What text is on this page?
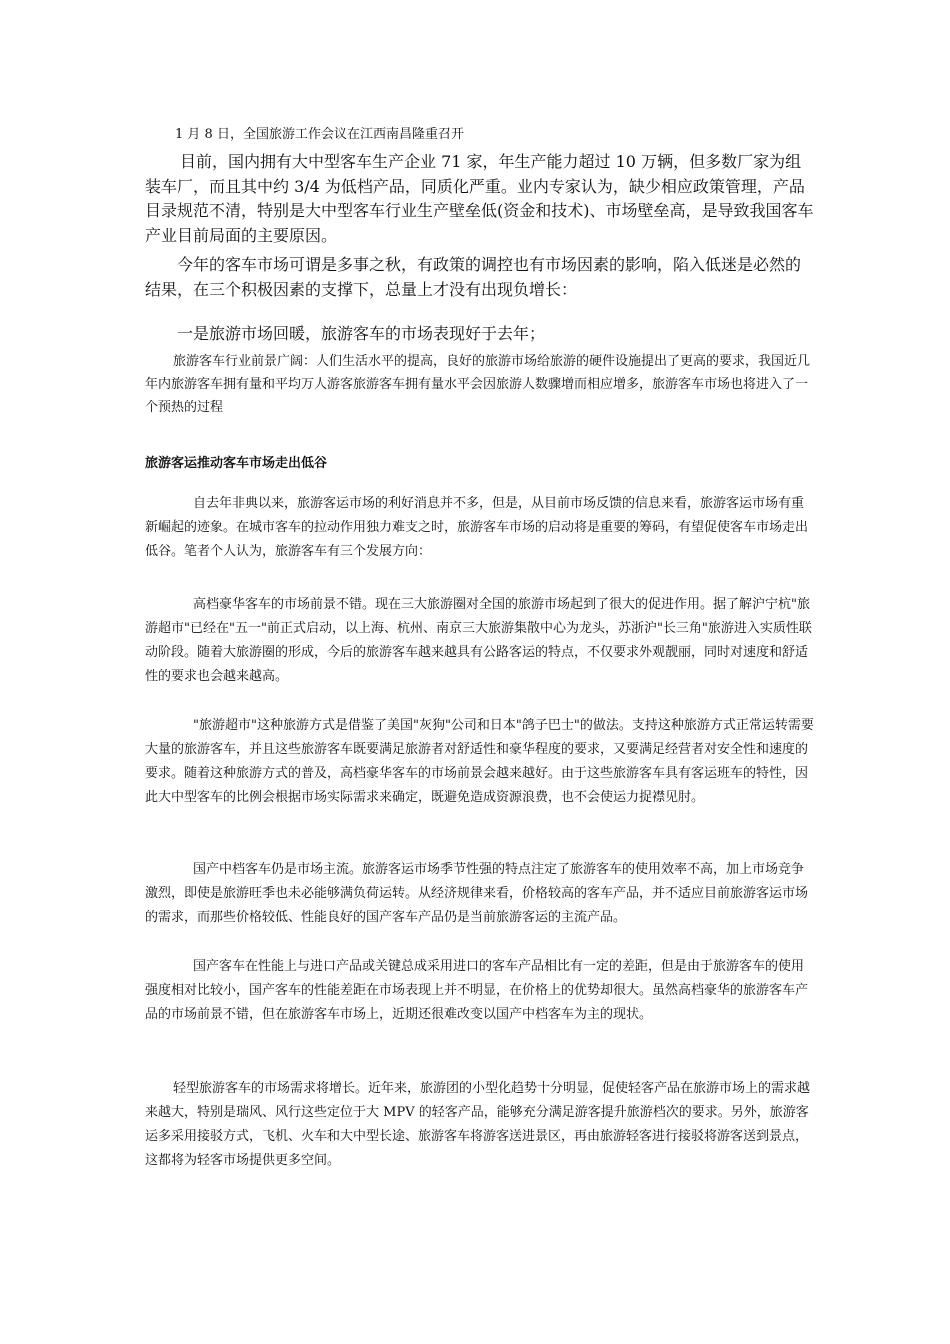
1 月 8 日，全国旅游工作会议在江西南昌隆重召开

目前，国内拥有大中型客车生产企业 71 家，年生产能力超过 10 万辆，但多数厂家为组装车厂，而且其中约 3/4 为低档产品，同质化严重。业内专家认为，缺少相应政策管理，产品目录规范不清，特别是大中型客车行业生产壁垒低(资金和技术)、市场壁垒高，是导致我国客车产业目前局面的主要原因。

今年的客车市场可谓是多事之秋，有政策的调控也有市场因素的影响，陷入低迷是必然的结果，在三个积极因素的支撑下，总量上才没有出现负增长：

一是旅游市场回暖，旅游客车的市场表现好于去年；

旅游客车行业前景广阔：人们生活水平的提高，良好的旅游市场给旅游的硬件设施提出了更高的要求，我国近几年内旅游客车拥有量和平均万人游客旅游客车拥有量水平会因旅游人数骤增而相应增多，旅游客车市场也将进入了一个预热的过程

旅游客运推动客车市场走出低谷

自去年非典以来，旅游客运市场的利好消息并不多，但是，从目前市场反馈的信息来看，旅游客运市场有重新崛起的迹象。在城市客车的拉动作用独力难支之时，旅游客车市场的启动将是重要的筹码，有望促使客车市场走出低谷。笔者个人认为，旅游客车有三个发展方向：

高档豪华客车的市场前景不错。现在三大旅游圈对全国的旅游市场起到了很大的促进作用。据了解沪宁杭"旅游超市"已经在"五一"前正式启动，以上海、杭州、南京三大旅游集散中心为龙头，苏浙沪"长三角"旅游进入实质性联动阶段。随着大旅游圈的形成，今后的旅游客车越来越具有公路客运的特点，不仅要求外观靓丽，同时对速度和舒适性的要求也会越来越高。

"旅游超市"这种旅游方式是借鉴了美国"灰狗"公司和日本"鸽子巴士"的做法。支持这种旅游方式正常运转需要大量的旅游客车，并且这些旅游客车既要满足旅游者对舒适性和豪华程度的要求，又要满足经营者对安全性和速度的要求。随着这种旅游方式的普及，高档豪华客车的市场前景会越来越好。由于这些旅游客车具有客运班车的特性，因此大中型客车的比例会根据市场实际需求来确定，既避免造成资源浪费，也不会使运力捉襟见肘。

国产中档客车仍是市场主流。旅游客运市场季节性强的特点注定了旅游客车的使用效率不高，加上市场竞争激烈，即使是旅游旺季也未必能够满负荷运转。从经济规律来看，价格较高的客车产品，并不适应目前旅游客运市场的需求，而那些价格较低、性能良好的国产客车产品仍是当前旅游客运的主流产品。

国产客车在性能上与进口产品或关键总成采用进口的客车产品相比有一定的差距，但是由于旅游客车的使用强度相对比较小，国产客车的性能差距在市场表现上并不明显，在价格上的优势却很大。虽然高档豪华的旅游客车产品的市场前景不错，但在旅游客车市场上，近期还很难改变以国产中档客车为主的现状。

轻型旅游客车的市场需求将增长。近年来，旅游团的小型化趋势十分明显，促使轻客产品在旅游市场上的需求越来越大，特别是瑞风、风行这些定位于大 MPV 的轻客产品，能够充分满足游客提升旅游档次的要求。另外，旅游客运多采用接驳方式，飞机、火车和大中型长途、旅游客车将游客送进景区，再由旅游轻客进行接驳将游客送到景点，这都将为轻客市场提供更多空间。
